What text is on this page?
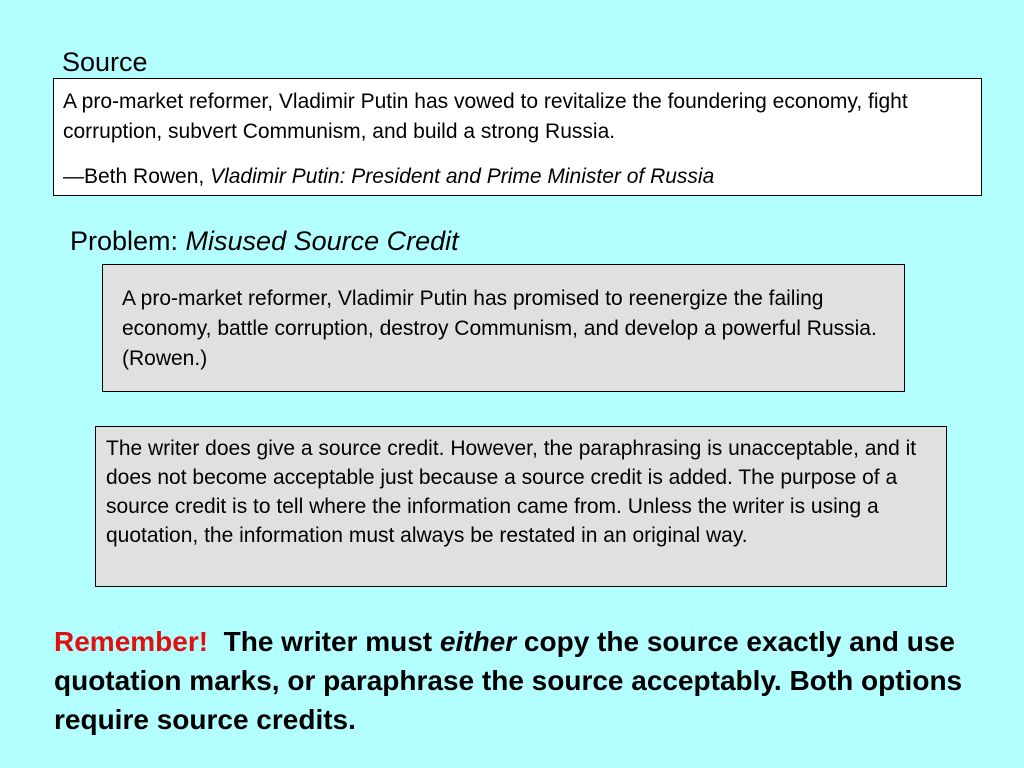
Source

A pro-market reformer, Vladimir Putin has vowed to revitalize the foundering economy, fight corruption, subvert Communism, and build a strong Russia.

—Beth Rowen, Vladimir Putin: President and Prime Minister of Russia

Problem: Misused Source Credit

A pro-market reformer, Vladimir Putin has promised to reenergize the failing economy, battle corruption, destroy Communism, and develop a powerful Russia. (Rowen.)

The writer does give a source credit. However, the paraphrasing is unacceptable, and it does not become acceptable just because a source credit is added. The purpose of a source credit is to tell where the information came from. Unless the writer is using a quotation, the information must always be restated in an original way.

Remember!  The writer must either copy the source exactly and use quotation marks, or paraphrase the source acceptably. Both options require source credits.
